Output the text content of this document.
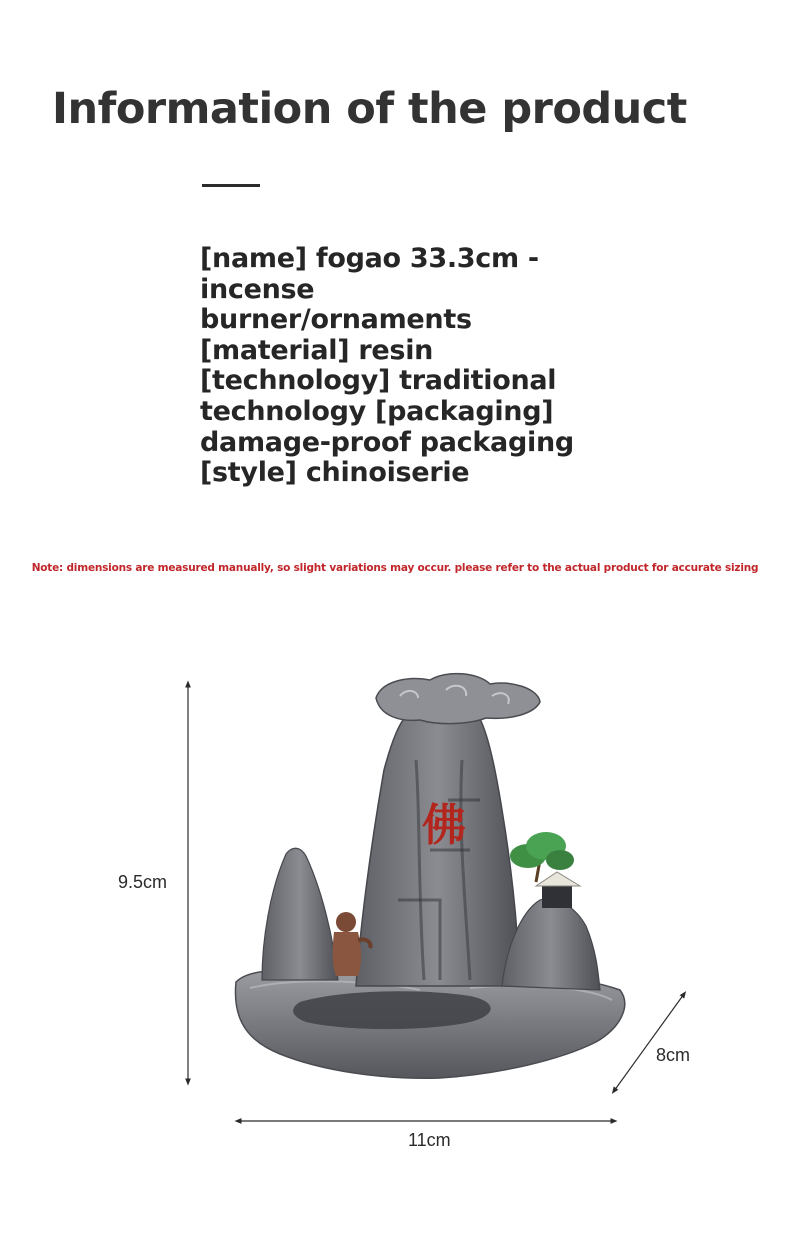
Information of the product
[name] fogao 33.3cm -
incense
burner/ornaments
[material] resin
[technology] traditional
technology [packaging]
damage-proof packaging
[style] chinoiserie
Note: dimensions are measured manually, so slight variations may occur. please refer to the actual product for accurate sizing
佛
9.5cm
8cm
11cm
